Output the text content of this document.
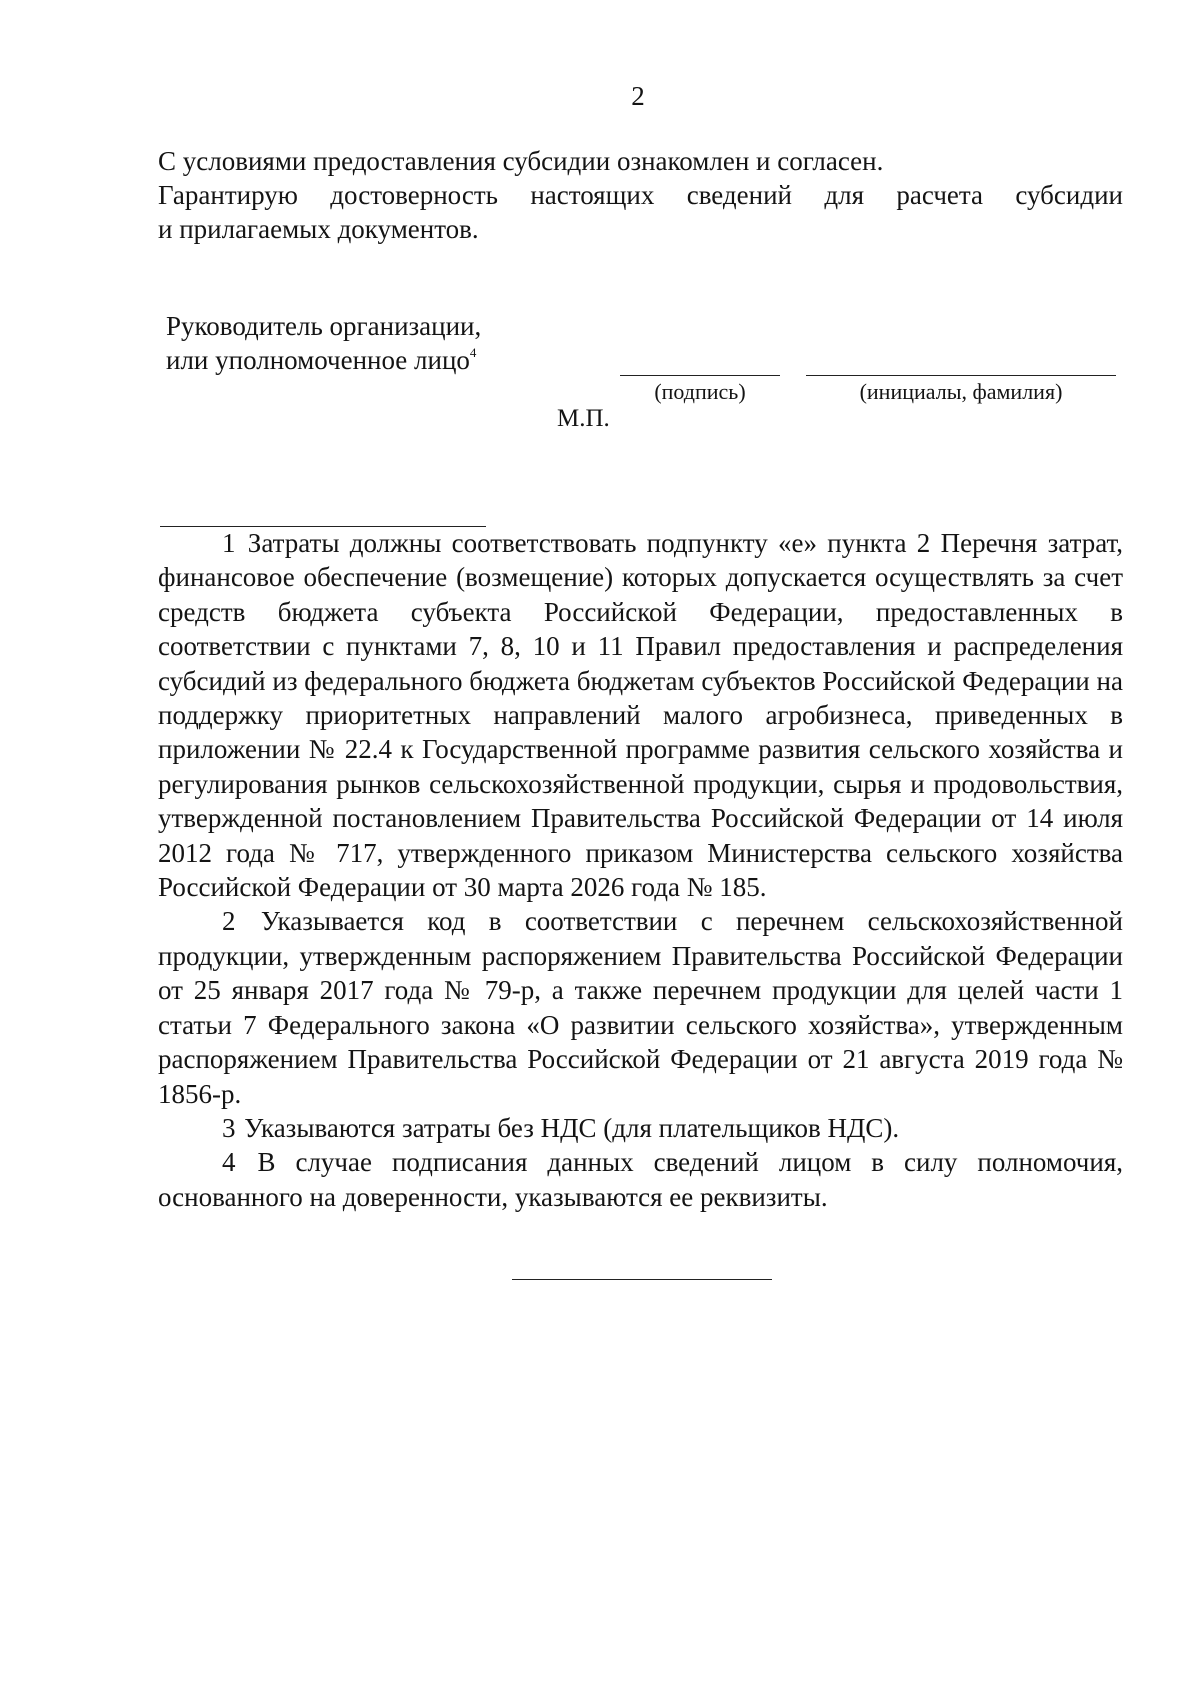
2

С условиями предоставления субсидии ознакомлен и согласен.

Гарантирую достоверность настоящих сведений для расчета субсидии

и прилагаемых документов.

Руководитель организации,
или уполномоченное лицо$^4$
(подпись)	(инициалы, фамилия)
М.П.

1 Затраты должны соответствовать подпункту «е» пункта 2 Перечня затрат, финансовое обеспечение (возмещение) которых допускается осуществлять за счет средств бюджета субъекта Российской Федерации, предоставленных в соответствии с пунктами 7, 8, 10 и 11 Правил предоставления и распределения субсидий из федерального бюджета бюджетам субъектов Российской Федерации на поддержку приоритетных направлений малого агробизнеса, приведенных в приложении № 22.4 к Государственной программе развития сельского хозяйства и регулирования рынков сельскохозяйственной продукции, сырья и продовольствия, утвержденной постановлением Правительства Российской Федерации от 14 июля 2012 года № 717, утвержденного приказом Министерства сельского хозяйства Российской Федерации от 30 марта 2026 года № 185.

2 Указывается код в соответствии с перечнем сельскохозяйственной продукции, утвержденным распоряжением Правительства Российской Федерации от 25 января 2017 года № 79-р, а также перечнем продукции для целей части 1 статьи 7 Федерального закона «О развитии сельского хозяйства», утвержденным распоряжением Правительства Российской Федерации от 21 августа 2019 года № 1856-р.

3 Указываются затраты без НДС (для плательщиков НДС).

4 В случае подписания данных сведений лицом в силу полномочия, основанного на доверенности, указываются ее реквизиты.
